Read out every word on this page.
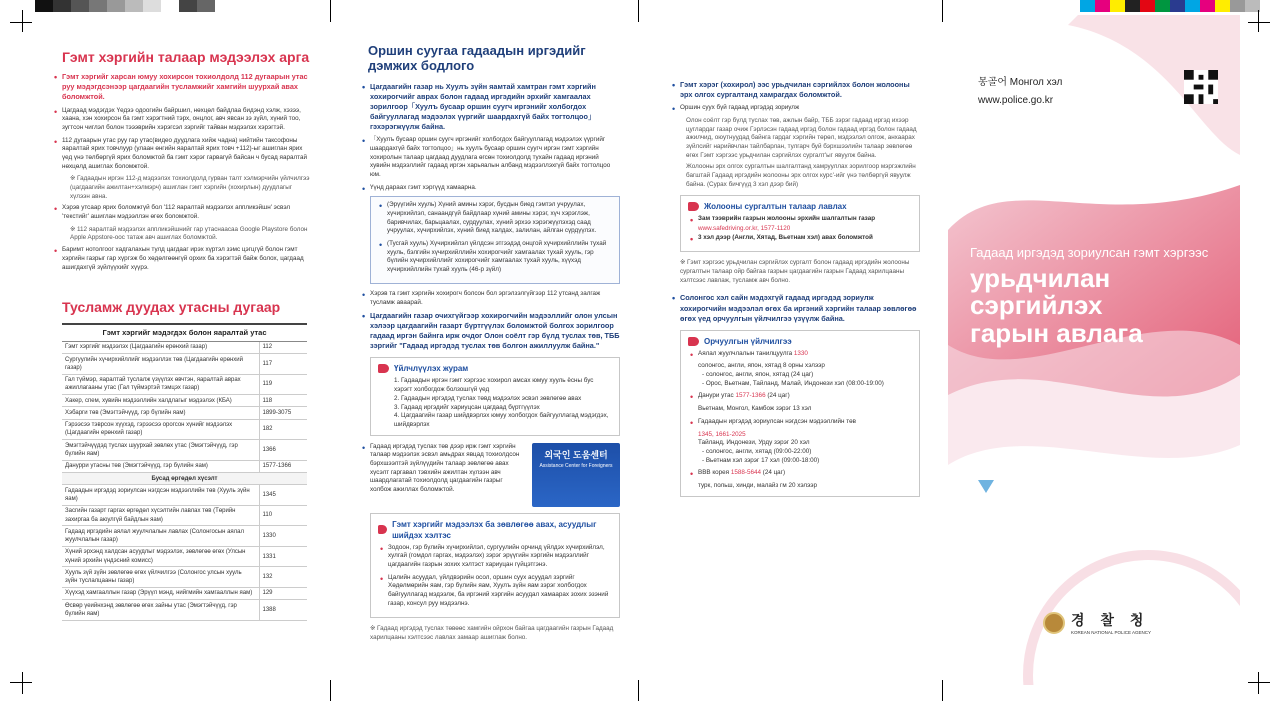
Гэмт хэргийн талаар мэдээлэх арга
• Гэмт хэргийг харсан юмуу хохирсон тохиолдолд 112 дугаарын утас руу мэдэгдсэнээр цагдаагийн тусламжийг хамгийн шуурхай авах боломжтой.
• Цагдаад мэдэгдэх Үедээ одоогийн байршил, нөхцөл байдлаа бидэнд хэлж, хэзээ, хаана, хэн хохирсон ба гэмт хэрэгтний тэрх, онцлог, авч явсан зэ зүйл, хүний тоо, зугтсон чиглэл болон тэээврийн хэрэгсэл зэргийг тайван мэдээлэх хэрэгтэй.
• 112 дугаарын утас руу гар утас(видео дуудлага хийж чадна) нийтийн таксофоны яаралтай ярих товчлуур (улаан өнгийн яаралтай ярих товч +112)-ыг ашиглан ярих үед үнэ төлбөргүй ярих боломжтой ба гэмт хэрэг гарвагүй байсан ч бусад яаралтай нөхцөлд ашиглах боломжтой.
※ Гадаадын иргэн 112-д мэдээлэх тохиолдолд гурван талт хэлмэрчийн үйлчилгээ (цагдаагийн ажилтан+хэлмэрч) ашиглан гэмт хэргийн (хохирлын) дуудлагыг хүлээн авна.
• Хэрэв утсаар ярих боломжгүй бол '112 яаралтай мэдээлэх аппликэйшн' эсвэл 'текстийг' ашиглан мэдээллэн өгөх боломжтой.
※ 112 яаралтай мэдээлэх аппликэйшнийг гар утаснаасаа Google Playstore болон Apple Appstore-оос татаж авч ашиглах боломжтой.
• Баримт нотолгоог хадгалахын тулд цагдааг ирэх хүртэл зэмс цэгцгүй болон гэмт хэргийн газрыг гар хүргэж бо хөдөлгөөнгүй орхих ба хэрэгтэй байж болох, цагдаад ашигдахгүй зүйлүүхийг хүүрэ.
Тусламж дуудах утасны дугаар
Гэмт хэргийг мэдэгдэх болон яаралтай утас	
Гэмт хэргийг мэдээлэх (Цагдаагийн ерөнхий газар)	112
Сургуулийн хүчирхийллийг мэдээллэх төв (Цагдаагийн ерөнхий газар)	117
Гал түймэр, яаралтай туслалж үзүүлэх өвчтэн, яаралтай аврах ажиллагааны утас (Гал түймэртэй тэмцэх газар)	119
Хакер, спем, хувийн мэдээллийн халдлагыг мэдээлэх (КБА)	118
Хэбарги төв (Эмэгтэйчүүд, гэр бүлийн яам)	1899-3075
Гэрээсээ тэврсон хүүхэд, гэрээсээ орогсон хүнийг мэдээлэх (Цагдаагийн ерөнхий газар)	182
Эмэгтэйчүүдэд туслах шуурхай зөвлөх утас (Эмэгтэйчүүд, гэр бүлийн яам)	1366
Данурри утасны төв (Эмэгтэйчүүд, гэр бүлийн яам)	1577-1366
Бусад өргөдөл хүсэлт	
Гадаадын иргэдэд зориулсан нэгдсэн мэдээллийн төв (Хууль зүйн яам)	1345
Засгийн газарт гаргах өргөдөл хүсэлтийн лавлах төв (Төрийн захиргаа ба аюулгүй байдлын яам)	110
Гадаад иргэдийн аялал жуулчлалын лавлах (Солонгосын аялал жуулчлалын газар)	1330
Хүний эрхэнд халдсан асуудлыг мэдээлэх, зөвлөгөө өгөх (Улсын хүний эрхийн үндэсний комисс)	1331
Хууль зүй зүйн зөвлөгөө өгөх үйлчилгээ (Солонгос улсын хууль зүйн туслалцааны газар)	132
Хүүхэд хамгааллын газар (Эрүүл мэнд, нийгмийн хамгааллын яам)	129
Өсвөр үеийнхэнд зөвлөгөө өгөх зайны утас (Эмэгтэйчүүд, гэр бүлийн яам)	1388
Оршин суугаа гадаадын иргэдийг дэмжих бодлого
• Цагдаагийн газар нь Хуулъ зүйн яамтай хамтран гэмт хэргийн хохирогчийг аврах болон гадаад иргэдийн эрхийг хамгаалах зорилгоор「Хуулъ бусаар оршин суугч иргэнийг холбогдох байгууллагад мэдээлэх үүргийг шаардахгүй байх тогтолцоо」гэхэрэгжүүлж байна.
• 「Хуулъ бусаар оршин суугч иргэнийг холбогдох байгууллагад мэдээлэх үүргийг шаардахгүй байх тогтолцоо」нь хуулъ бусаар оршин суугч иргэн гэмт хэргийн хохиролын талаар цагдаад дуудлага өгсөн тохиолдолд тухайн гадаад иргэний хувийн мэдээллийг гадаад иргэн харьяалын албанд мэдээллэхгүй байх тогтолцоо юм.
• Үүнд дараах гэмт хэргүүд хамаарна.
• (Эрүүгийн хууль) Хүний амины хэрэг, бусдын биед гэмтэл учруулах, хүчирхийлэл, санаандгүй байдлаар хүний амины хэрэг, хүч хэрэглэж, баривчилах, барьцаалах, сурдуулах, хүний эрхээ хэрэгжүүлэхэд саад учруулах, хүчирхийлэх, хүний биед халдах, залилан, айлган сүрдүүлэх.
• (Тусгай хууль) Хүчирхийлэл үйлдсэн этгээдэд онцгой хүчирхийллийн тухай хууль, бэлгийн хүчирхийллийн хохирогчийг хамгаалах тухай хууль, гэр бүлийн хүчирхийллийг хохирогчийг хамгаалах тухай хууль, хүүхэд хүчирхийллийн тухай хууль (46-р зүйл)
• Хэрэв та гэмт хэргийн хохирогч болсон бол эргэлзэлгүйгээр 112 утсанд залгаж тусламж аваарай.
• Цагдаагийн газар очихгүйгээр хохирогчийн мэдээллийг олон улсын хэлээр цагдаагийн газарт бүртгүүлэх боломжтой болгох зорилгоор гадаад иргэн байнга ирж очдог Олон соёлт гэр бүлд туслах төв, ТББ зэргийг "Гадаад иргэдэд туслах төв болгон ажиллуулж байна."
Үйлчлүүлэх журам
1. Гадаадын иргэн гэмт хэргээс хохирол амсах юмуу хууль ёсны бус хэрэгт холбогдож болзошгүй үед
2. Гадаадын иргэдэд туслах төвд мэдээлэх эсвэл зөвлөгөө авах
3. Гадаад иргэдийг хариуцсан цагдаад бүртгүүлэх
4. Цагдаагийн газар шийдвэрлэх юмуу холбогдох байгууллагад мэдэгдэх, шийдвэрлэх
• Гадаад иргэдэд туслах төв дээр ирж гэмт хэргийн талаар мэдээлэх эсвэл амьдрах явцад тохиолдсон бэрхшээлтэй зүйлүүдийн талаар зөвлөгөө авах хүсэлт гаргавал тэвхийн ажилтан хүлээн авч шаардлагатай тохиолдолд цагдаагийн газрыг холбож ажиллах боломжтой.
외국인 도움센터
Assistance Center for Foreigners
Гэмт хэргийг мэдээлэх ба зөвлөгөө авах, асуудлыг шийдэх хэлтэс
• Зодоон, гэр бүлийн хүчирхийлэл, сургуулийн орчинд үйлдэх хүчирхийлэл, хулгай (гомдол гаргах, мэдээлэх) зэрэг эрүүгийн хэргийн мэдээллийг цагдаагийн газрын зохих хэлтэст хариуцан гүйцэтгэнэ.
• Цалийн асуудал, үйлдвэрийн осол, оршин суух асуудал зэргийг Хөдөлмөрийн яам, гэр бүлийн яам, Хуулъ зүйн яам зэрэг холбогдох байгууллагад мэдээлж, ба иргэний хэргийн асуудал хамаарах зохих эзэний газар, консул руу мэдээлнэ.
※ Гадаад иргэдэд туслах төвөөс хамгийн ойрхон байгаа цагдаагийн газрын Гадаад харилцааны хэлтсээс лавлах замаар ашиглаж болно.
• Гэмт хэрэг (хохирол) ээс урьдчилан сэргийлэх болон жолооны эрх олгох сургалтанд хамрагдах боломжтой.
• Оршин суух бүй гадаад иргэдэд зориулж
Олон соёлт гэр бүлд туслах төв, ажлын байр, ТББ зэрэг гадаад иргэд ихээр цуглардаг газар очиж Гэрлэсэн гадаад иргэд болон гадаад иргэд болон гадаад ажилчид, оюутнуудад байнга гардаг хэргийн төрөл, мэдээлэл олгож, анхаарах зүйлсийг нарийвчлан тайлбарлан, тулгарч буй бэрхшээлийн талаар зөвлөгөө өгөх Гэмт хэргээс урьдчилан сэргийлэх сургалт'ыг явуулж байна.
Жолооны эрх олгох сургалтын шалгалтанд хамрууллах зорилгоор мэргэжлийн багштай Гадаад иргэдийн жолооны эрх олгох курс'-ийг үнэ төлбөргүй явуулж байна. (Сурах бичгүүд 3 хэл дээр бий)
Жолооны сургалтын талаар лавлах
• Зам тээврийн газрын жолооны эрхийн шалгалтын газар
www.safedriving.or.kr, 1577-1120
• 3 хэл дээр (Англи, Хятад, Вьетнам хэл) авах боломжтой
※ Гэмт хэргээс урьдчилан сэргийлэх сургалт болон гадаад иргэдийн жолооны сургалтын талаар ойр байгаа газрын цагдаагийн газрын Гадаад харилцааны хэлтсээс лавлаж, тусламж авч болно.
• Солонгос хэл сайн мэдэхгүй гадаад иргэдэд зориулж хохирогчийн мэдээлэл өгөх ба иргэний хэргийн талаар зөвлөгөө өгөх үед орчуулгын үйлчилгээ үзүүлж байна.
Орчуулгын үйлчилгээ
• Аялал жуулчлалын танилцуулга 1330
солонгос, англи, япон, хятад 8 орны хэлээр
- солонгос, англи, япон, хятад (24 цаг)
- Орос, Вьетнам, Тайланд, Малай, Индонези хэл (08:00-19:00)
• Данури утас 1577-1366 (24 цаг)
Вьетнам, Монгол, Камбож зэрэг 13 хэл
• Гадаадын иргэдэд зориулсан нэгдсэн мэдээллийн төв
1345, 1661-2025
Тайланд, Индонези, Урду зэрэг 20 хэл
- солонгос, англи, хятад (09:00-22:00)
- Вьетнам хэл зэрэг 17 хэл (09:00-18:00)
• BBB корея 1588-5644 (24 цаг)
турк, польш, хинди, малайз гм 20 хэлээр
몽골어 Монгол хэл
www.police.go.kr
Гадаад иргэдэд зориулсан гэмт хэргээс
урьдчилан сэргийлэх
гарын авлага
경 찰 청
KOREAN NATIONAL POLICE AGENCY
